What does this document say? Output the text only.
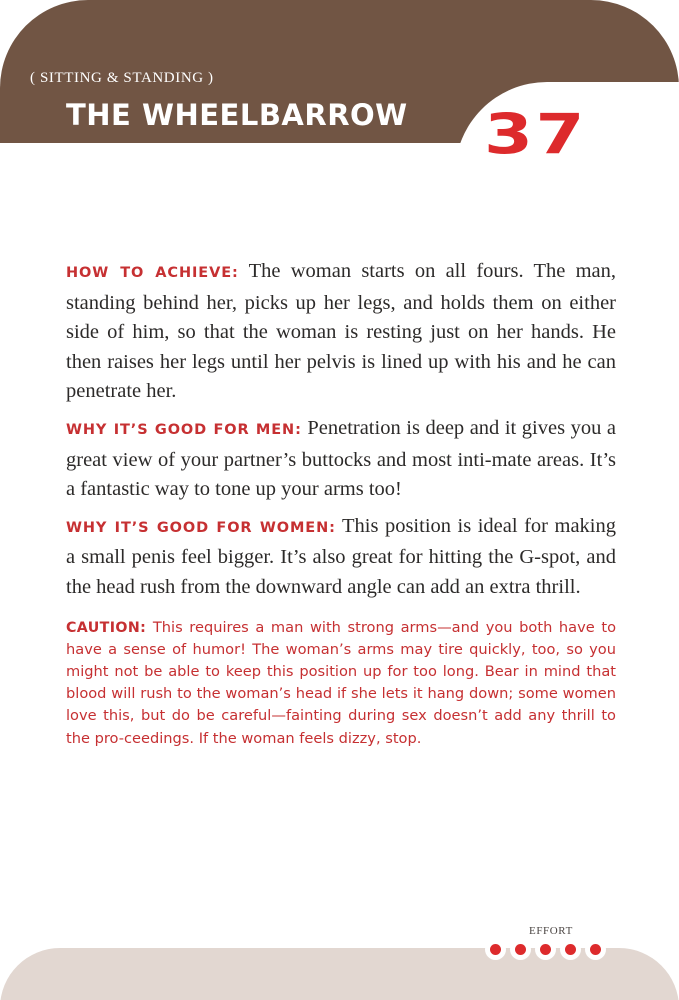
( SITTING & STANDING )
THE WHEELBARROW 37

HOW TO ACHIEVE: The woman starts on all fours. The man, standing behind her, picks up her legs, and holds them on either side of him, so that the woman is resting just on her hands. He then raises her legs until her pelvis is lined up with his and he can penetrate her.

WHY IT’S GOOD FOR MEN: Penetration is deep and it gives you a great view of your partner’s buttocks and most inti-mate areas. It’s a fantastic way to tone up your arms too!

WHY IT’S GOOD FOR WOMEN: This position is ideal for making a small penis feel bigger. It’s also great for hitting the G-spot, and the head rush from the downward angle can add an extra thrill.

CAUTION: This requires a man with strong arms—and you both have to have a sense of humor! The woman’s arms may tire quickly, too, so you might not be able to keep this position up for too long. Bear in mind that blood will rush to the woman’s head if she lets it hang down; some women love this, but do be careful—fainting during sex doesn’t add any thrill to the pro-ceedings. If the woman feels dizzy, stop.
EFFORT
